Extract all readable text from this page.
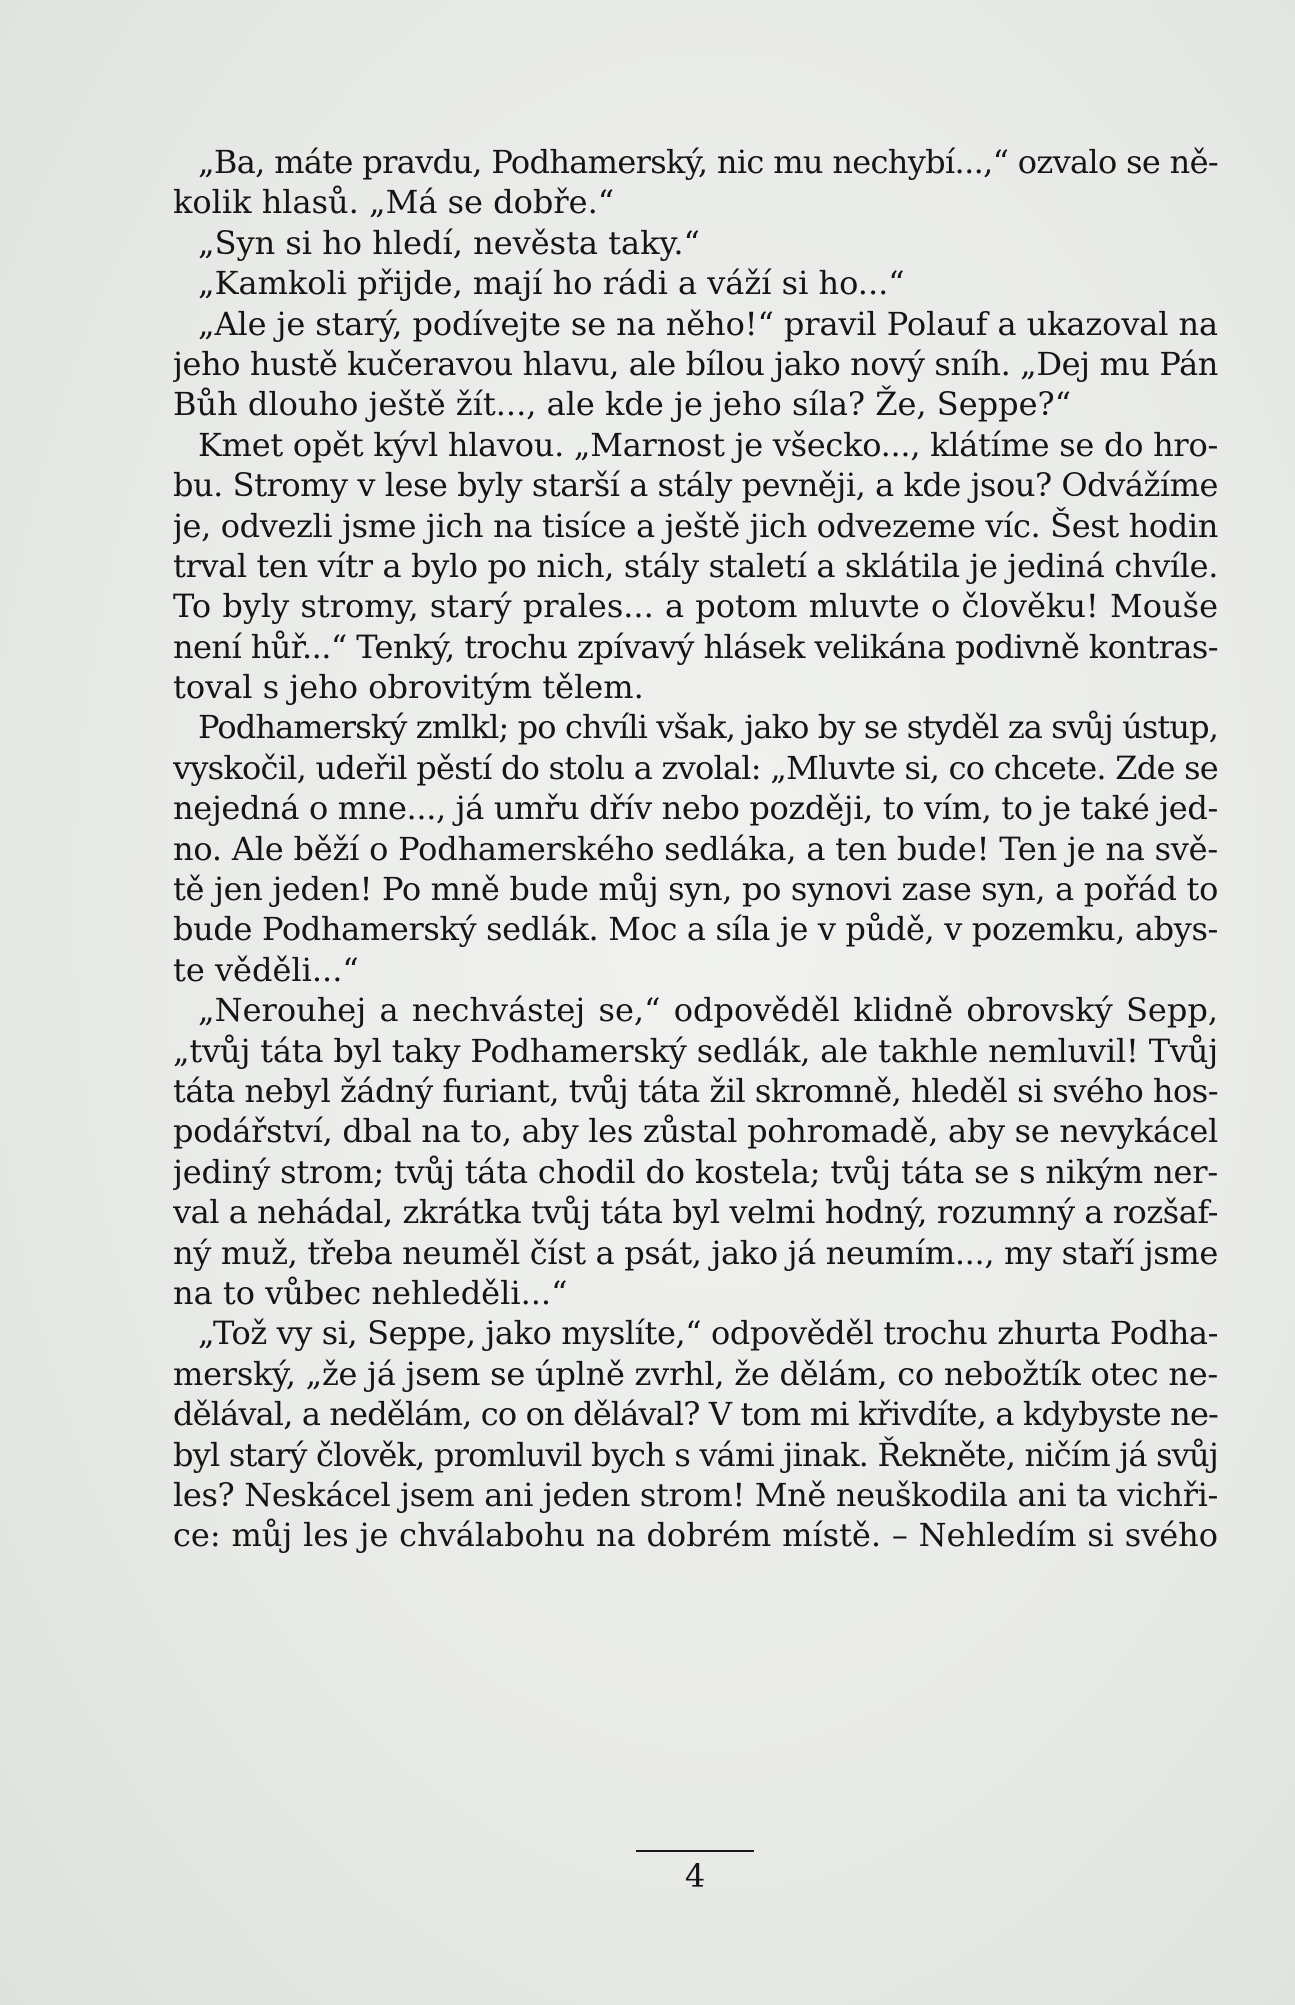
„Ba, máte pravdu, Podhamerský, nic mu nechybí...,“ ozvalo se ně-
kolik hlasů. „Má se dobře.“
„Syn si ho hledí, nevěsta taky.“
„Kamkoli přijde, mají ho rádi a váží si ho...“
„Ale je starý, podívejte se na něho!“ pravil Polauf a ukazoval na
jeho hustě kučeravou hlavu, ale bílou jako nový sníh. „Dej mu Pán
Bůh dlouho ještě žít..., ale kde je jeho síla? Že, Seppe?“
Kmet opět kývl hlavou. „Marnost je všecko..., klátíme se do hro-
bu. Stromy v lese byly starší a stály pevněji, a kde jsou? Odvážíme
je, odvezli jsme jich na tisíce a ještě jich odvezeme víc. Šest hodin
trval ten vítr a bylo po nich, stály staletí a sklátila je jediná chvíle.
To byly stromy, starý prales... a potom mluvte o člověku! Mouše
není hůř...“ Tenký, trochu zpívavý hlásek velikána podivně kontras-
toval s jeho obrovitým tělem.
Podhamerský zmlkl; po chvíli však, jako by se styděl za svůj ústup,
vyskočil, udeřil pěstí do stolu a zvolal: „Mluvte si, co chcete. Zde se
nejedná o mne..., já umřu dřív nebo později, to vím, to je také jed-
no. Ale běží o Podhamerského sedláka, a ten bude! Ten je na svě-
tě jen jeden! Po mně bude můj syn, po synovi zase syn, a pořád to
bude Podhamerský sedlák. Moc a síla je v půdě, v pozemku, abys-
te věděli...“
„Nerouhej a nechvástej se,“ odpověděl klidně obrovský Sepp,
„tvůj táta byl taky Podhamerský sedlák, ale takhle nemluvil! Tvůj
táta nebyl žádný furiant, tvůj táta žil skromně, hleděl si svého hos-
podářství, dbal na to, aby les zůstal pohromadě, aby se nevykácel
jediný strom; tvůj táta chodil do kostela; tvůj táta se s nikým ner-
val a nehádal, zkrátka tvůj táta byl velmi hodný, rozumný a rozšaf-
ný muž, třeba neuměl číst a psát, jako já neumím..., my staří jsme
na to vůbec nehleděli...“
„Tož vy si, Seppe, jako myslíte,“ odpověděl trochu zhurta Podha-
merský, „že já jsem se úplně zvrhl, že dělám, co nebožtík otec ne-
dělával, a nedělám, co on dělával? V tom mi křivdíte, a kdybyste ne-
byl starý člověk, promluvil bych s vámi jinak. Řekněte, ničím já svůj
les? Neskácel jsem ani jeden strom! Mně neuškodila ani ta vichři-
ce: můj les je chválabohu na dobrém místě. – Nehledím si svého
4
